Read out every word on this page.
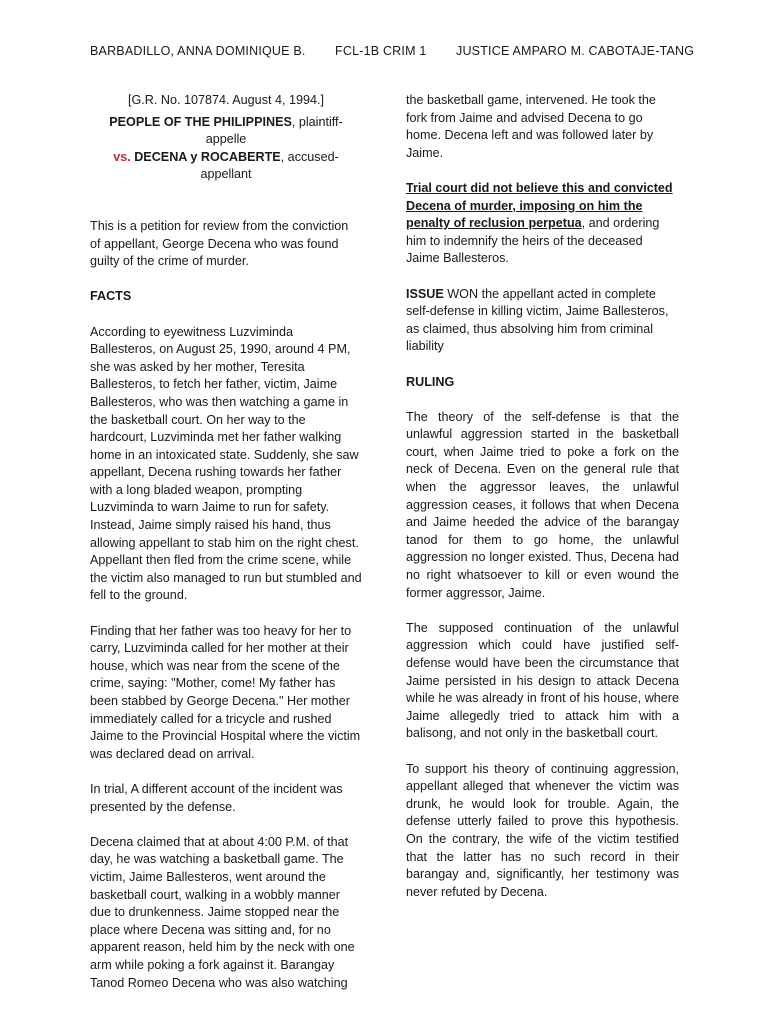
BARBADILLO, ANNA DOMINIQUE B. FCL-1B CRIM 1 JUSTICE AMPARO M. CABOTAJE-TANG
[G.R. No. 107874. August 4, 1994.]
PEOPLE OF THE PHILIPPINES, plaintiff-appelle
vs. DECENA y ROCABERTE, accused-appellant

This is a petition for review from the conviction of appellant, George Decena who was found guilty of the crime of murder.

FACTS

According to eyewitness Luzviminda Ballesteros, on August 25, 1990, around 4 PM, she was asked by her mother, Teresita Ballesteros, to fetch her father, victim, Jaime Ballesteros, who was then watching a game in the basketball court. On her way to the hardcourt, Luzviminda met her father walking home in an intoxicated state. Suddenly, she saw appellant, Decena rushing towards her father with a long bladed weapon, prompting Luzviminda to warn Jaime to run for safety. Instead, Jaime simply raised his hand, thus allowing appellant to stab him on the right chest. Appellant then fled from the crime scene, while the victim also managed to run but stumbled and fell to the ground.

Finding that her father was too heavy for her to carry, Luzviminda called for her mother at their house, which was near from the scene of the crime, saying: "Mother, come! My father has been stabbed by George Decena." Her mother immediately called for a tricycle and rushed Jaime to the Provincial Hospital where the victim was declared dead on arrival.

In trial, A different account of the incident was presented by the defense.

Decena claimed that at about 4:00 P.M. of that day, he was watching a basketball game. The victim, Jaime Ballesteros, went around the basketball court, walking in a wobbly manner due to drunkenness. Jaime stopped near the place where Decena was sitting and, for no apparent reason, held him by the neck with one arm while poking a fork against it. Barangay Tanod Romeo Decena who was also watching

the basketball game, intervened. He took the fork from Jaime and advised Decena to go home. Decena left and was followed later by Jaime.

Trial court did not believe this and convicted Decena of murder, imposing on him the penalty of reclusion perpetua, and ordering him to indemnify the heirs of the deceased Jaime Ballesteros.

ISSUE WON the appellant acted in complete self-defense in killing victim, Jaime Ballesteros, as claimed, thus absolving him from criminal liability

RULING

The theory of the self-defense is that the unlawful aggression started in the basketball court, when Jaime tried to poke a fork on the neck of Decena. Even on the general rule that when the aggressor leaves, the unlawful aggression ceases, it follows that when Decena and Jaime heeded the advice of the barangay tanod for them to go home, the unlawful aggression no longer existed. Thus, Decena had no right whatsoever to kill or even wound the former aggressor, Jaime.

The supposed continuation of the unlawful aggression which could have justified self-defense would have been the circumstance that Jaime persisted in his design to attack Decena while he was already in front of his house, where Jaime allegedly tried to attack him with a balisong, and not only in the basketball court.

To support his theory of continuing aggression, appellant alleged that whenever the victim was drunk, he would look for trouble. Again, the defense utterly failed to prove this hypothesis. On the contrary, the wife of the victim testified that the latter has no such record in their barangay and, significantly, her testimony was never refuted by Decena.
